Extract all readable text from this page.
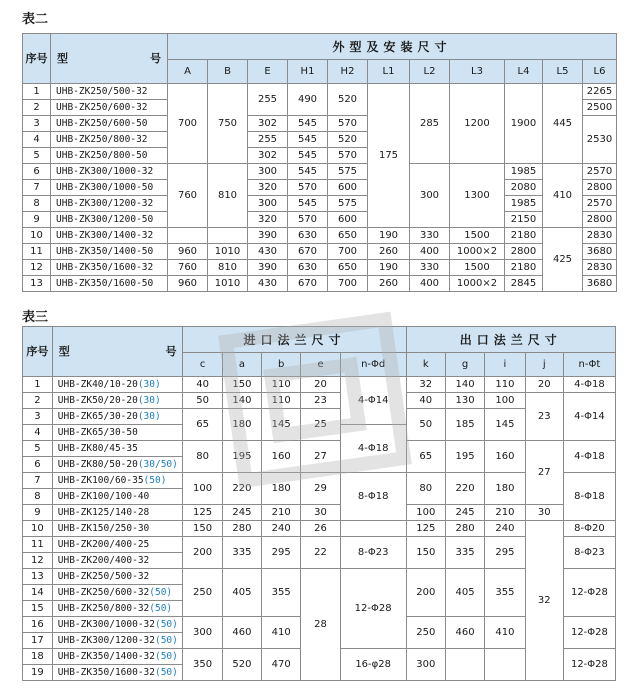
表二
序号	型 号	外型及安装尺寸										
		A	B	E	H1	H2	L1	L2	L3	L4	L5	L6
1	UHB-ZK250/500-32	700	750	255	490	520	175	285	1200	1900	445	2265
2	UHB-ZK250/600-32											2500
3	UHB-ZK250/600-50			302	545	570						2530
4	UHB-ZK250/800-32			255	545	520						
5	UHB-ZK250/800-50			302	545	570						
6	UHB-ZK300/1000-32	760	810	300	545	575		300	1300	1985	410	2570
7	UHB-ZK300/1000-50			320	570	600				2080		2800
8	UHB-ZK300/1200-32			300	545	575				1985		2570
9	UHB-ZK300/1200-50			320	570	600				2150		2800
10	UHB-ZK300/1400-32			390	630	650	190	330	1500	2180	425	2830
11	UHB-ZK350/1400-50	960	1010	430	670	700	260	400	1000×2	2800		3680
12	UHB-ZK350/1600-32	760	810	390	630	650	190	330	1500	2180		2830
13	UHB-ZK350/1600-50	960	1010	430	670	700	260	400	1000×2	2845		3680
表三
序号	型 号	进口法兰尺寸					出口法兰尺寸				
		c	a	b	e	n-Φd	k	g	i	j	n-Φt
1	UHB-ZK40/10-20(30)	40	150	110	20	4-Φ14	32	140	110	20	4-Φ18
2	UHB-ZK50/20-20(30)	50	140	110	23		40	130	100	23	4-Φ14
3	UHB-ZK65/30-20(30)	65	180	145	25		50	185	145		
4	UHB-ZK65/30-50					4-Φ18					
5	UHB-ZK80/45-35	80	195	160	27		65	195	160	27	4-Φ18
6	UHB-ZK80/50-20(30/50)										
7	UHB-ZK100/60-35(50)	100	220	180	29	8-Φ18	80	220	180		8-Φ18
8	UHB-ZK100/100-40										
9	UHB-ZK125/140-28	125	245	210	30		100	245	210	30	
10	UHB-ZK150/250-30	150	280	240	26		125	280	240	32	8-Φ20
11	UHB-ZK200/400-25	200	335	295	22	8-Φ23	150	335	295		8-Φ23
12	UHB-ZK200/400-32										
13	UHB-ZK250/500-32	250	405	355	28	12-Φ28	200	405	355		12-Φ28
14	UHB-ZK250/600-32(50)										
15	UHB-ZK250/800-32(50)										
16	UHB-ZK300/1000-32(50)	300	460	410			250	460	410		12-Φ28
17	UHB-ZK300/1200-32(50)										
18	UHB-ZK350/1400-32(50)	350	520	470		16-φ28	300				12-Φ28
19	UHB-ZK350/1600-32(50)										
